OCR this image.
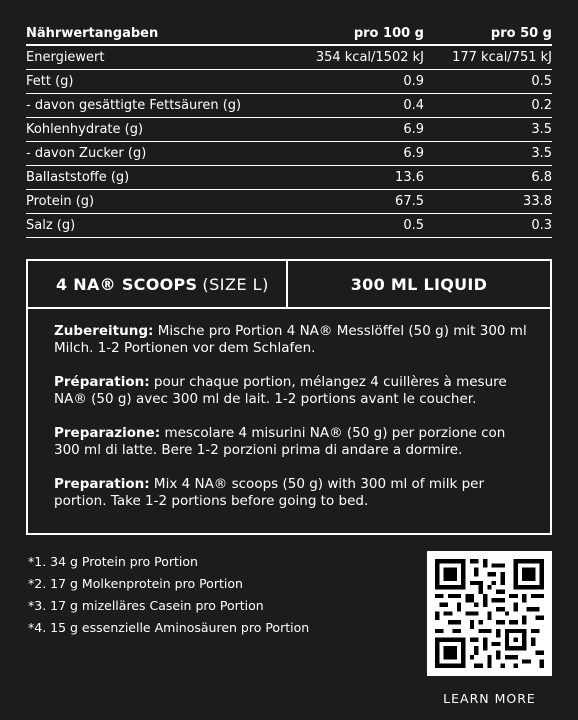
Nährwertangaben	pro 100 g	pro 50 g
Energiewert	354 kcal/1502 kJ	177 kcal/751 kJ
Fett (g)	0.9	0.5
- davon gesättigte Fettsäuren (g)	0.4	0.2
Kohlenhydrate (g)	6.9	3.5
- davon Zucker (g)	6.9	3.5
Ballaststoffe (g)	13.6	6.8
Protein (g)	67.5	33.8
Salz (g)	0.5	0.3
4 NA® SCOOPS (SIZE L)	300 ML LIQUID

Zubereitung: Mische pro Portion 4 NA® Messlöffel (50 g) mit 300 ml Milch. 1-2 Portionen vor dem Schlafen.

Préparation: pour chaque portion, mélangez 4 cuillères à mesure NA® (50 g) avec 300 ml de lait. 1-2 portions avant le coucher.

Preparazione: mescolare 4 misurini NA® (50 g) per porzione con 300 ml di latte. Bere 1-2 porzioni prima di andare a dormire.

Preparation: Mix 4 NA® scoops (50 g) with 300 ml of milk per portion. Take 1-2 portions before going to bed.

*1. 34 g Protein pro Portion
*2. 17 g Molkenprotein pro Portion
*3. 17 g mizelläres Casein pro Portion
*4. 15 g essenzielle Aminosäuren pro Portion
LEARN MORE
